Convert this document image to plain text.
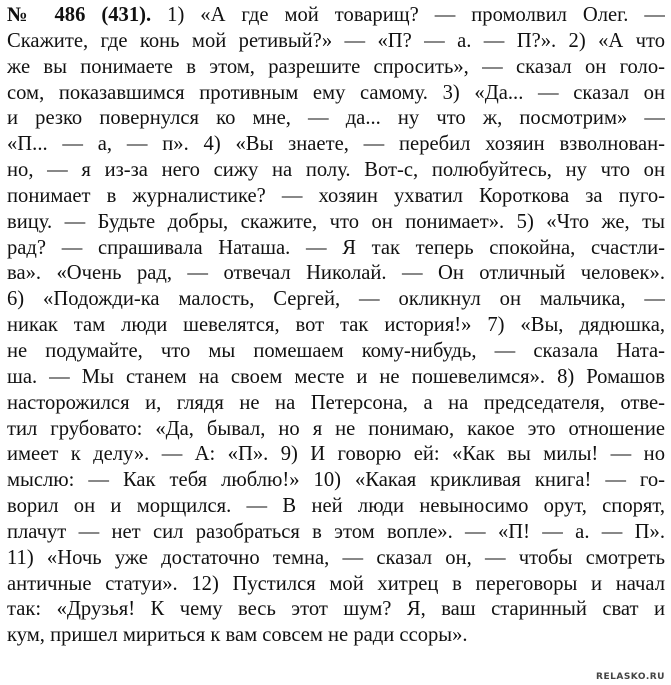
№ 486 (431). 1) «А где мой товарищ? — промолвил Олег. —
Скажите, где конь мой ретивый?» — «П? — а. — П?». 2) «А что
же вы понимаете в этом, разрешите спросить», — сказал он голо-
сом, показавшимся противным ему самому. 3) «Да... — сказал он
и резко повернулся ко мне, — да... ну что ж, посмотрим» —
«П... — а, — п». 4) «Вы знаете, — перебил хозяин взволнован-
но, — я из-за него сижу на полу. Вот-с, полюбуйтесь, ну что он
понимает в журналистике? — хозяин ухватил Короткова за пуго-
вицу. — Будьте добры, скажите, что он понимает». 5) «Что же, ты
рад? — спрашивала Наташа. — Я так теперь спокойна, счастли-
ва». «Очень рад, — отвечал Николай. — Он отличный человек».
6) «Подожди-ка малость, Сергей, — окликнул он мальчика, —
никак там люди шевелятся, вот так история!» 7) «Вы, дядюшка,
не подумайте, что мы помешаем кому-нибудь, — сказала Ната-
ша. — Мы станем на своем месте и не пошевелимся». 8) Ромашов
насторожился и, глядя не на Петерсона, а на председателя, отве-
тил грубовато: «Да, бывал, но я не понимаю, какое это отношение
имеет к делу». — А: «П». 9) И говорю ей: «Как вы милы! — но
мыслю: — Как тебя люблю!» 10) «Какая крикливая книга! — го-
ворил он и морщился. — В ней люди невыносимо орут, спорят,
плачут — нет сил разобраться в этом вопле». — «П! — а. — П».
11) «Ночь уже достаточно темна, — сказал он, — чтобы смотреть
античные статуи». 12) Пустился мой хитрец в переговоры и начал
так: «Друзья! К чему весь этот шум? Я, ваш старинный сват и
кум, пришел мириться к вам совсем не ради ссоры».
RELASKO.RU
